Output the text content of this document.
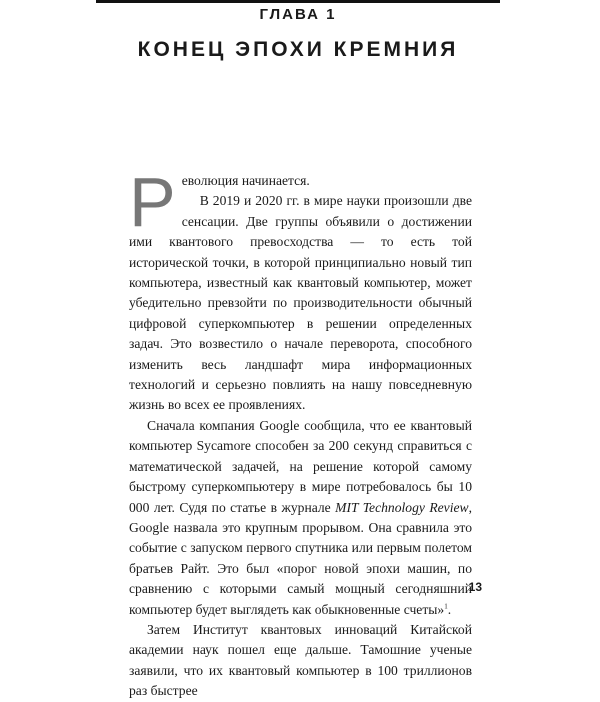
ГЛАВА 1
КОНЕЦ ЭПОХИ КРЕМНИЯ

Революция начинается.
В 2019 и 2020 гг. в мире науки произошли две сенсации. Две группы объявили о достижении ими квантового превосходства — то есть той исторической точки, в которой принципиально новый тип компьютера, известный как квантовый компьютер, может убедительно превзойти по производительности обычный цифровой суперкомпьютер в решении определенных задач. Это возвестило о начале переворота, способного изменить весь ландшафт мира информационных технологий и серьезно повлиять на нашу повседневную жизнь во всех ее проявлениях.

Сначала компания Google сообщила, что ее квантовый компьютер Sycamore способен за 200 секунд справиться с математической задачей, на решение которой самому быстрому суперкомпьютеру в мире потребовалось бы 10 000 лет. Судя по статье в журнале MIT Technology Review, Google назвала это крупным прорывом. Она сравнила это событие с запуском первого спутника или первым полетом братьев Райт. Это был «порог новой эпохи машин, по сравнению с которыми самый мощный сегодняшний компьютер будет выглядеть как обыкновенные счеты»$^1$.

Затем Институт квантовых инноваций Китайской академии наук пошел еще дальше. Тамошние ученые заявили, что их квантовый компьютер в 100 триллионов раз быстрее

13
